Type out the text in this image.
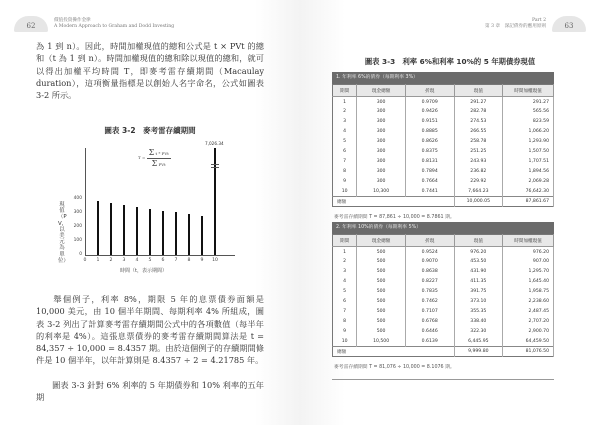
62
價值投資操作金律
A Modern Approach to Graham and Dodd Investing
為 1 到 n）。因此，時間加權現值的總和公式是 t × PVt 的總和（t 為 1 到 n）。時間加權現值的總和除以現值的總和，就可以得出加權平均時間 T，即麥考雷存續期間（Macaulay duration），這項衡量指標是以創始人名字命名，公式如圖表 3-2 所示。
圖表 3-2　麥考雷存續期間
現值（PV，以美元為單位）
0
100
200
300
400
0	1	2	3	4	5	6	7	8	9	10
7,026.34
$T = \frac{\text{Σ t * PVt}}{\text{Σ PVt}}$
時間（t，表示期間）
舉個例子，利率 8%，期限 5 年的息票債券面額是 10,000 美元，由 10 個半年期間、每期利率 4% 所組成，圖表 3-2 列出了計算麥考雷存續期間公式中的各項數值（每半年的利率是 4%）。這張息票債券的麥考雷存續期間算法是 t = 84,357 ÷ 10,000 = 8.4357 期。由於這個例子的存續期間條件是 10 個半年，以年計算則是 8.4357 ÷ 2 = 4.21785 年。
圖表 3-3 針對 6% 利率的 5 年期債券和 10% 利率的五年期
Part 2
第 3 章　深記債券的應用原則	63
圖表 3-3　利率 6%和利率 10%的 5 年期債券現值
1. 年利率 6%的債券（每期利率 3%）
期間	現金總額	折現	現值	時間加權現值
1	300	0.9709	291.27	291.27
2	300	0.9426	282.78	565.56
3	300	0.9151	274.53	823.59
4	300	0.8885	266.55	1,066.20
5	300	0.8626	258.78	1,293.90
6	300	0.8375	251.25	1,507.50
7	300	0.8131	243.93	1,707.51
8	300	0.7894	236.82	1,894.56
9	300	0.7664	229.92	2,069.28
10	10,300	0.7441	7,664.23	76,642.30
總額			10,000.05	87,861.67
麥考雷存續期間 T = 87,861 ÷ 10,000 = 8.7861 期。
2. 年利率 10%的債券（每期利率 5%）
期間	現金總額	折現	現值	時間加權現值
1	500	0.9524	976.20	976.20
2	500	0.9070	453.50	907.00
3	500	0.8638	431.90	1,295.70
4	500	0.8227	411.35	1,645.40
5	500	0.7835	391.75	1,958.75
6	500	0.7462	373.10	2,238.60
7	500	0.7107	355.35	2,487.45
8	500	0.6768	338.40	2,707.20
9	500	0.6446	322.30	2,900.70
10	10,500	0.6139	6,445.95	64,459.50
總額			9,999.80	81,076.50
麥考雷存續期間 T = 81,076 ÷ 10,000 = 8.1076 期。
